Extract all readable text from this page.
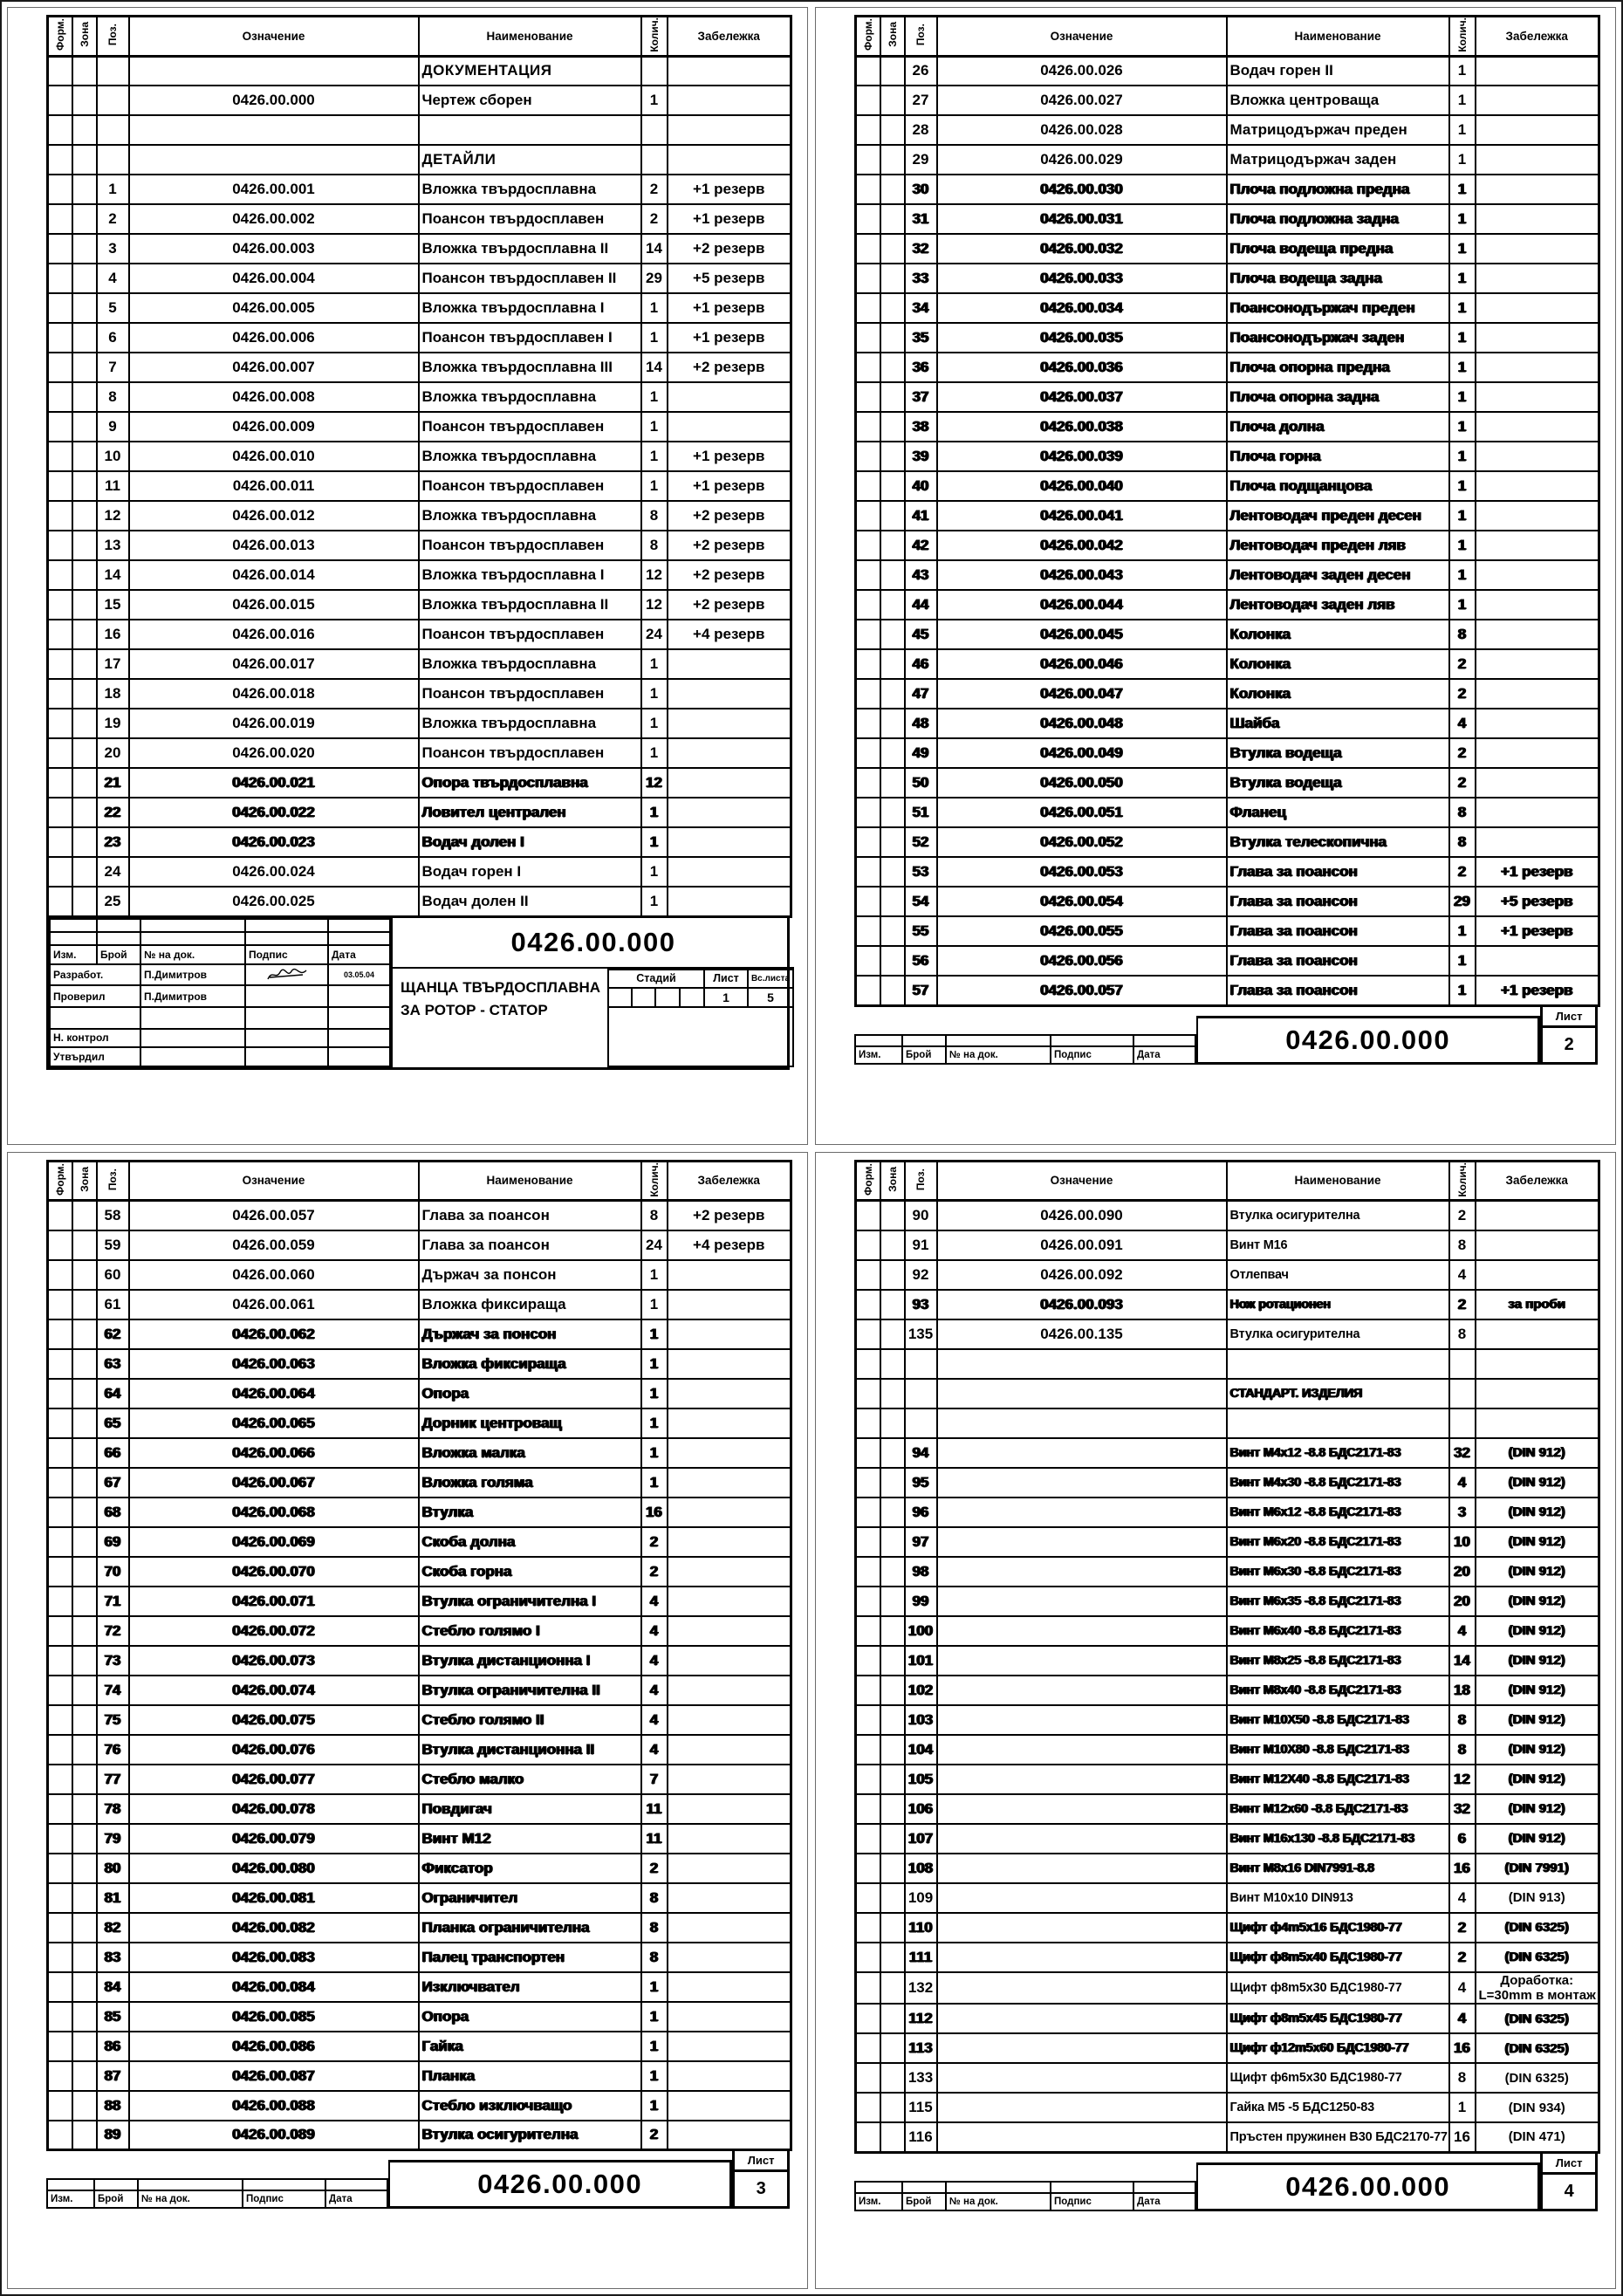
Форм.	Зона	Поз.	Означение	Наименование	Колич.	Забележка
				ДОКУМЕНТАЦИЯ		
			0426.00.000	Чертеж сборен	1	

				ДЕТАЙЛИ		
		1	0426.00.001	Вложка твърдосплавна	2	+1 резерв
		2	0426.00.002	Поансон твърдосплавен	2	+1 резерв
		3	0426.00.003	Вложка твърдосплавна II	14	+2 резерв
		4	0426.00.004	Поансон твърдосплавен II	29	+5 резерв
		5	0426.00.005	Вложка твърдосплавна I	1	+1 резерв
		6	0426.00.006	Поансон твърдосплавен I	1	+1 резерв
		7	0426.00.007	Вложка твърдосплавна III	14	+2 резерв
		8	0426.00.008	Вложка твърдосплавна	1	
		9	0426.00.009	Поансон твърдосплавен	1	
		10	0426.00.010	Вложка твърдосплавна	1	+1 резерв
		11	0426.00.011	Поансон твърдосплавен	1	+1 резерв
		12	0426.00.012	Вложка твърдосплавна	8	+2 резерв
		13	0426.00.013	Поансон твърдосплавен	8	+2 резерв
		14	0426.00.014	Вложка твърдосплавна I	12	+2 резерв
		15	0426.00.015	Вложка твърдосплавна II	12	+2 резерв
		16	0426.00.016	Поансон твърдосплавен	24	+4 резерв
		17	0426.00.017	Вложка твърдосплавна	1	
		18	0426.00.018	Поансон твърдосплавен	1	
		19	0426.00.019	Вложка твърдосплавна	1	
		20	0426.00.020	Поансон твърдосплавен	1	
		21	0426.00.021	Опора твърдосплавна	12	
		22	0426.00.022	Ловител централен	1	
		23	0426.00.023	Водач долен I	1	
		24	0426.00.024	Водач горен I	1	
		25	0426.00.025	Водач долен II	1	

Изм.	Брой	№ на док.	Подпис	Дата
Разработ.		П.Димитров		03.05.04
Проверил		П.Димитров		

Н. контрол				
Утвърдил				
0426.00.000
ЩАНЦА ТВЪРДОСПЛАВНА
ЗА РОТОР - СТАТОР
Стадий				Лист	Вс.листа
				1	5

Форм.	Зона	Поз.	Означение	Наименование	Колич.	Забележка
		26	0426.00.026	Водач горен II	1	
		27	0426.00.027	Вложка центроваща	1	
		28	0426.00.028	Матрицодържач преден	1	
		29	0426.00.029	Матрицодържач заден	1	
		30	0426.00.030	Плоча подложна предна	1	
		31	0426.00.031	Плоча подложна задна	1	
		32	0426.00.032	Плоча водеща предна	1	
		33	0426.00.033	Плоча водеща задна	1	
		34	0426.00.034	Поансонодържач преден	1	
		35	0426.00.035	Поансонодържач заден	1	
		36	0426.00.036	Плоча опорна предна	1	
		37	0426.00.037	Плоча опорна задна	1	
		38	0426.00.038	Плоча долна	1	
		39	0426.00.039	Плоча горна	1	
		40	0426.00.040	Плоча подщанцова	1	
		41	0426.00.041	Лентоводач преден десен	1	
		42	0426.00.042	Лентоводач преден ляв	1	
		43	0426.00.043	Лентоводач заден десен	1	
		44	0426.00.044	Лентоводач заден ляв	1	
		45	0426.00.045	Колонка	8	
		46	0426.00.046	Колонка	2	
		47	0426.00.047	Колонка	2	
		48	0426.00.048	Шайба	4	
		49	0426.00.049	Втулка водеща	2	
		50	0426.00.050	Втулка водеща	2	
		51	0426.00.051	Фланец	8	
		52	0426.00.052	Втулка телескопична	8	
		53	0426.00.053	Глава за поансон	2	+1 резерв
		54	0426.00.054	Глава за поансон	29	+5 резерв
		55	0426.00.055	Глава за поансон	1	+1 резерв
		56	0426.00.056	Глава за поансон	1	
		57	0426.00.057	Глава за поансон	1	+1 резерв

Изм.	Брой	№ на док.	Подпис	Дата	0426.00.000
Лист
2
Форм.	Зона	Поз.	Означение	Наименование	Колич.	Забележка
		58	0426.00.057	Глава за поансон	8	+2 резерв
		59	0426.00.059	Глава за поансон	24	+4 резерв
		60	0426.00.060	Държач за понсон	1	
		61	0426.00.061	Вложка фиксираща	1	
		62	0426.00.062	Държач за понсон	1	
		63	0426.00.063	Вложка фиксираща	1	
		64	0426.00.064	Опора	1	
		65	0426.00.065	Дорник центроващ	1	
		66	0426.00.066	Вложка малка	1	
		67	0426.00.067	Вложка голяма	1	
		68	0426.00.068	Втулка	16	
		69	0426.00.069	Скоба долна	2	
		70	0426.00.070	Скоба горна	2	
		71	0426.00.071	Втулка ограничителна I	4	
		72	0426.00.072	Стебло голямо I	4	
		73	0426.00.073	Втулка дистанционна I	4	
		74	0426.00.074	Втулка ограничителна II	4	
		75	0426.00.075	Стебло голямо II	4	
		76	0426.00.076	Втулка дистанционна II	4	
		77	0426.00.077	Стебло малко	7	
		78	0426.00.078	Повдигач	11	
		79	0426.00.079	Винт М12	11	
		80	0426.00.080	Фиксатор	2	
		81	0426.00.081	Ограничител	8	
		82	0426.00.082	Планка ограничителна	8	
		83	0426.00.083	Палец транспортен	8	
		84	0426.00.084	Изключвател	1	
		85	0426.00.085	Опора	1	
		86	0426.00.086	Гайка	1	
		87	0426.00.087	Планка	1	
		88	0426.00.088	Стебло изключващо	1	
		89	0426.00.089	Втулка осигурителна	2	

Изм.	Брой	№ на док.	Подпис	Дата	0426.00.000
Лист
3
Форм.	Зона	Поз.	Означение	Наименование	Колич.	Забележка
		90	0426.00.090	Втулка осигурителна	2	
		91	0426.00.091	Винт М16	8	
		92	0426.00.092	Отлепвач	4	
		93	0426.00.093	Нож ротационен	2	за проби
		135	0426.00.135	Втулка осигурителна	8	

				СТАНДАРТ. ИЗДЕЛИЯ		

		94		Винт М4х12 -8.8 БДС2171-83	32	(DIN 912)
		95		Винт М4х30 -8.8 БДС2171-83	4	(DIN 912)
		96		Винт М6х12 -8.8 БДС2171-83	3	(DIN 912)
		97		Винт М6х20 -8.8 БДС2171-83	10	(DIN 912)
		98		Винт М6х30 -8.8 БДС2171-83	20	(DIN 912)
		99		Винт М6х35 -8.8 БДС2171-83	20	(DIN 912)
		100		Винт М6х40 -8.8 БДС2171-83	4	(DIN 912)
		101		Винт М8х25 -8.8 БДС2171-83	14	(DIN 912)
		102		Винт М8х40 -8.8 БДС2171-83	18	(DIN 912)
		103		Винт М10Х50 -8.8 БДС2171-83	8	(DIN 912)
		104		Винт М10Х80 -8.8 БДС2171-83	8	(DIN 912)
		105		Винт М12Х40 -8.8 БДС2171-83	12	(DIN 912)
		106		Винт М12х60 -8.8 БДС2171-83	32	(DIN 912)
		107		Винт М16х130 -8.8 БДС2171-83	6	(DIN 912)
		108		Винт М8х16 DIN7991-8.8	16	(DIN 7991)
		109		Винт М10х10 DIN913	4	(DIN 913)
		110		Щифт ф4m5х16 БДС1980-77	2	(DIN 6325)
		111		Щифт ф8m5х40 БДС1980-77	2	(DIN 6325)
		132		Щифт ф8m5х30 БДС1980-77	4	Доработка:
L=30mm в монтаж

		112		Щифт ф8m5х45 БДС1980-77	4	(DIN 6325)
		113		Щифт ф12m5х60 БДС1980-77	16	(DIN 6325)
		133		Щифт ф6m5х30 БДС1980-77	8	(DIN 6325)
		115		Гайка М5 -5 БДС1250-83	1	(DIN 934)
		116		Пръстен пружинен В30 БДС2170-77	16	(DIN 471)

Изм.	Брой	№ на док.	Подпис	Дата	0426.00.000
Лист
4
